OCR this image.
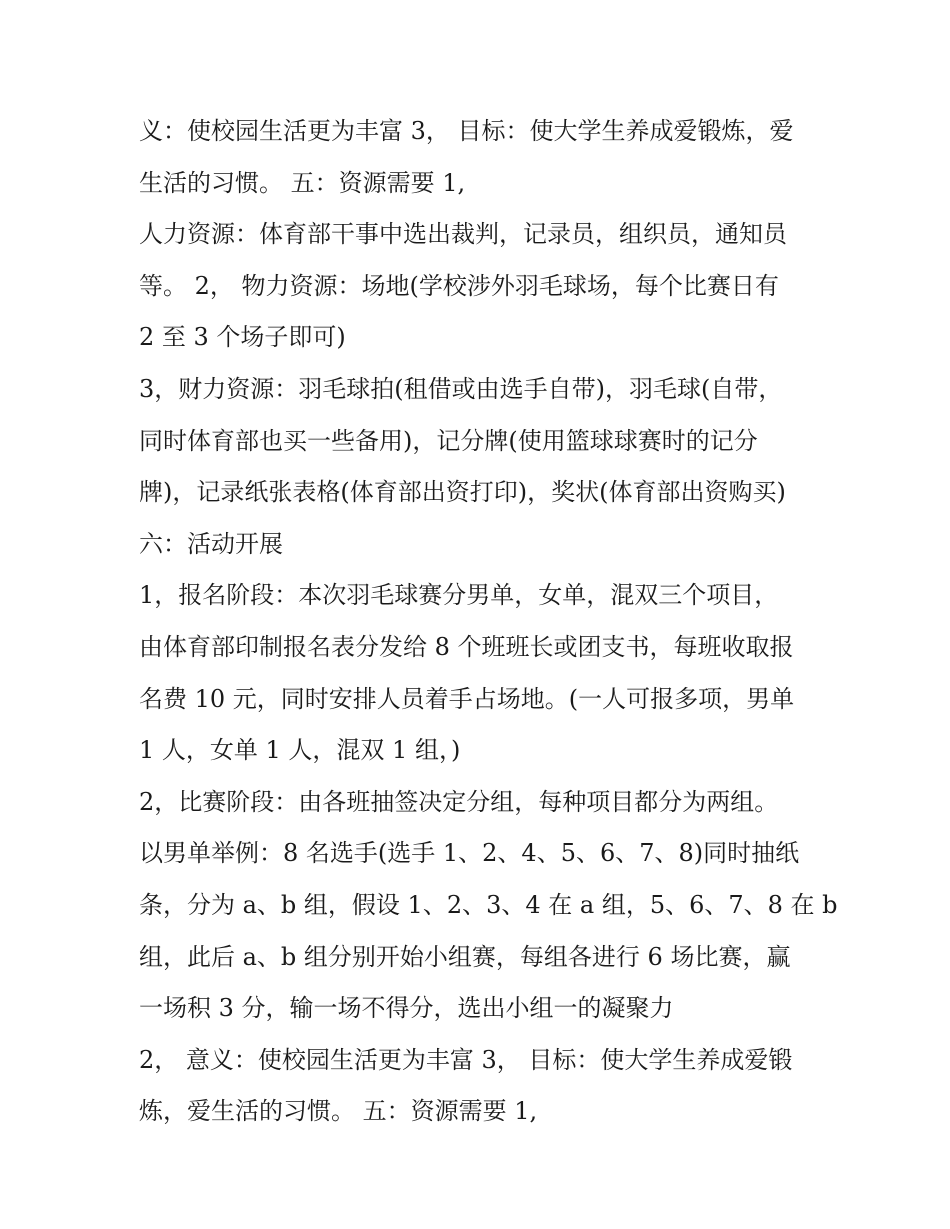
义：使校园生活更为丰富 3， 目标：使大学生养成爱锻炼，爱
生活的习惯。 五：资源需要 1,
人力资源：体育部干事中选出裁判，记录员，组织员，通知员
等。 2， 物力资源：场地(学校涉外羽毛球场，每个比赛日有
2 至 3 个场子即可)
3，财力资源：羽毛球拍(租借或由选手自带)，羽毛球(自带，
同时体育部也买一些备用)，记分牌(使用篮球球赛时的记分
牌)，记录纸张表格(体育部出资打印)，奖状(体育部出资购买)
六：活动开展
1，报名阶段：本次羽毛球赛分男单，女单，混双三个项目，
由体育部印制报名表分发给 8 个班班长或团支书，每班收取报
名费 10 元，同时安排人员着手占场地。(一人可报多项，男单
1 人，女单 1 人，混双 1 组，)
2，比赛阶段：由各班抽签决定分组，每种项目都分为两组。
以男单举例：8 名选手(选手 1、2、4、5、6、7、8)同时抽纸
条，分为 a、b 组，假设 1、2、3、4 在 a 组，5、6、7、8 在 b
组，此后 a、b 组分别开始小组赛，每组各进行 6 场比赛，赢
一场积 3 分，输一场不得分，选出小组一的凝聚力
2， 意义：使校园生活更为丰富 3， 目标：使大学生养成爱锻
炼，爱生活的习惯。 五：资源需要 1,
